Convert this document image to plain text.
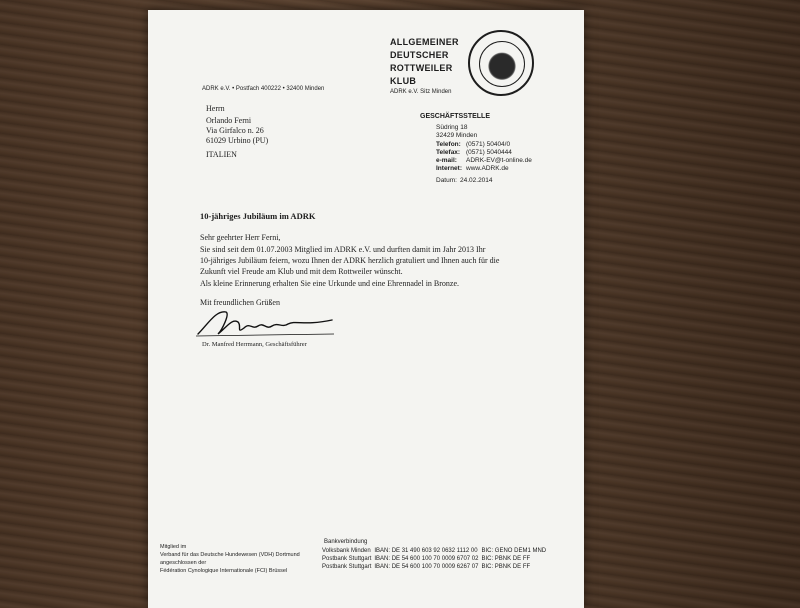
ALLGEMEINER
DEUTSCHER
ROTTWEILER
KLUB
ADRK e.V. Sitz Minden
ADRK e.V. • Postfach 400222 • 32400 Minden
Herrn
Orlando Ferni
Via Girfalco n. 26
61029 Urbino (PU)
ITALIEN
GESCHÄFTSSTELLE
Südring 18
32429 Minden
Telefon: (0571) 50404/0
Telefax: (0571) 5040444
e-mail: ADRK-EV@t-online.de
Internet: www.ADRK.de
Datum: 24.02.2014
10-jähriges Jubiläum im ADRK
Sehr geehrter Herr Ferni,
Sie sind seit dem 01.07.2003 Mitglied im ADRK e.V. und durften damit im Jahr 2013 Ihr
10-jähriges Jubiläum feiern, wozu Ihnen der ADRK herzlich gratuliert und Ihnen auch für die
Zukunft viel Freude am Klub und mit dem Rottweiler wünscht.
Als kleine Erinnerung erhalten Sie eine Urkunde und eine Ehrennadel in Bronze.
Mit freundlichen Grüßen
Dr. Manfred Herrmann, Geschäftsführer
Mitglied im
Verband für das Deutsche Hundewesen (VDH) Dortmund
angeschlossen der
Fédération Cynologique Internationale (FCI) Brüssel
Bankverbindung
Volksbank Minden	IBAN: DE 31 490 603 92 0632 1112 00	BIC: GENO DEM1 MND
Postbank Stuttgart	IBAN: DE 54 600 100 70 0009 6707 02	BIC: PBNK DE FF
Postbank Stuttgart	IBAN: DE 54 600 100 70 0009 6267 07	BIC: PBNK DE FF
